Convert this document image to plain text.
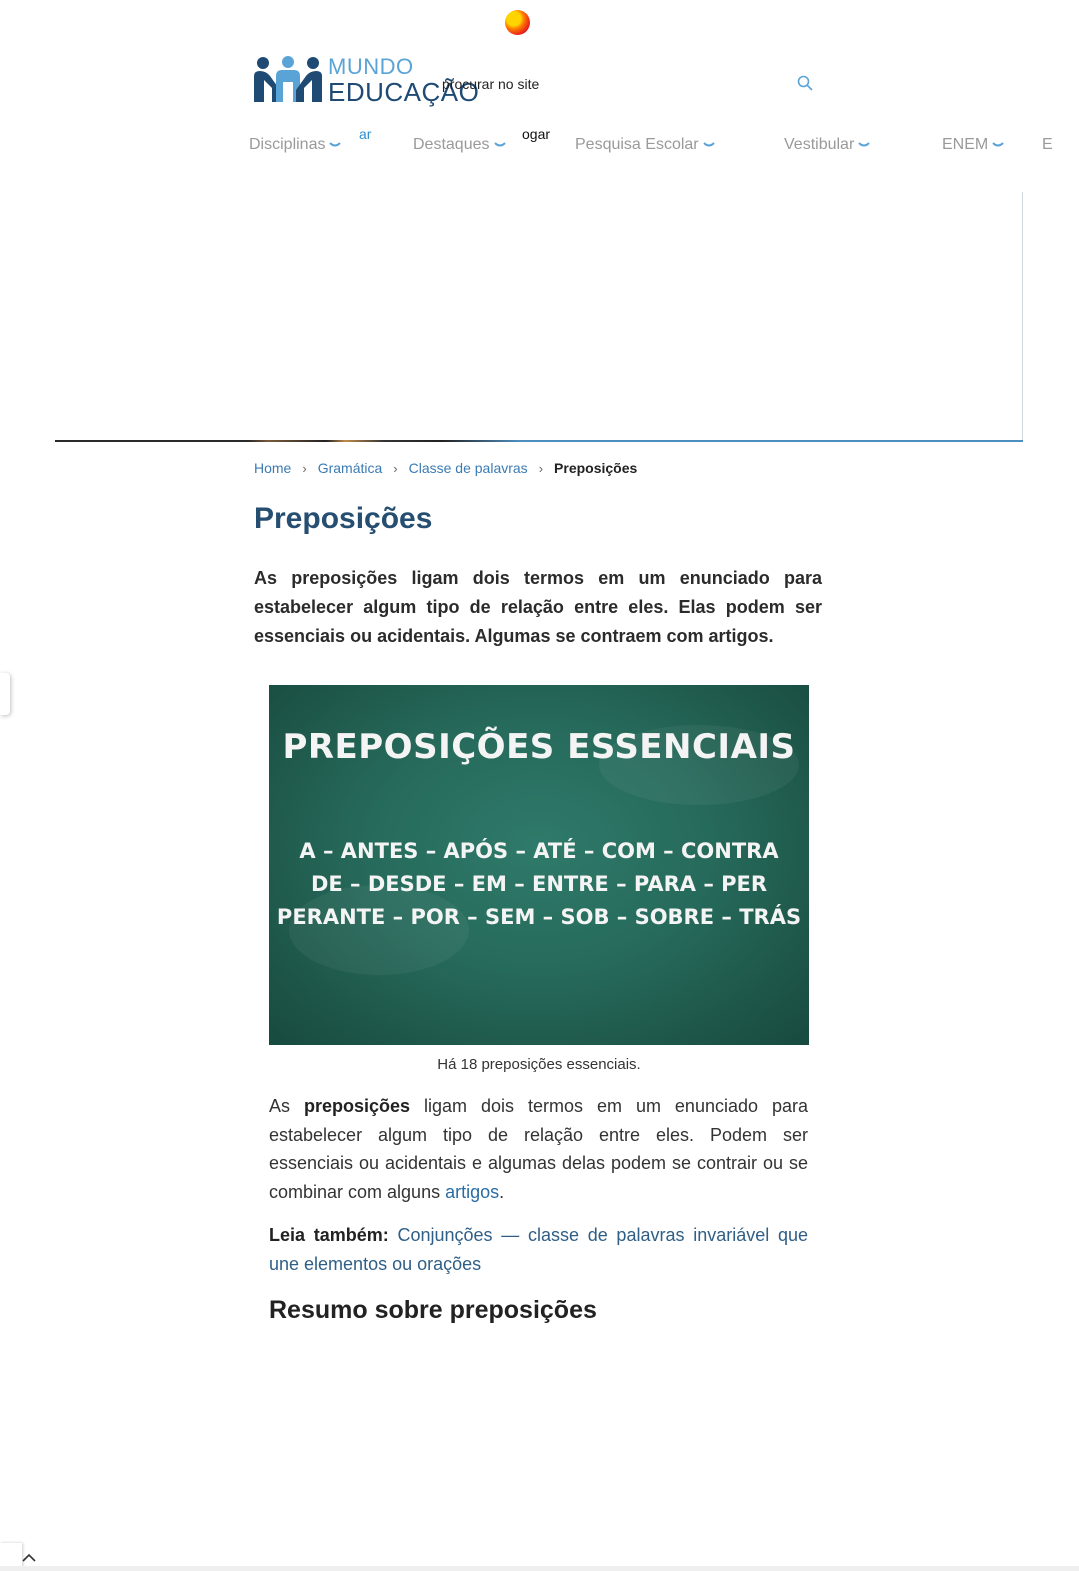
MUNDO
EDUCAÇÃO
procurar no site
Disciplinas
ar
Destaques
ogar
Pesquisa Escolar	Vestibular	ENEM	E
Home › Gramática › Classe de palavras › Preposições
Preposições

As preposições ligam dois termos em um enunciado para estabelecer algum tipo de relação entre eles. Elas podem ser essenciais ou acidentais. Algumas se contraem com artigos.

PREPOSIÇÕES ESSENCIAIS
A – ANTES – APÓS – ATÉ – COM – CONTRA
DE – DESDE – EM – ENTRE – PARA – PER
PERANTE – POR – SEM – SOB – SOBRE – TRÁS
Há 18 preposições essenciais.

As preposições ligam dois termos em um enunciado para estabelecer algum tipo de relação entre eles. Podem ser essenciais ou acidentais e algumas delas podem se contrair ou se combinar com alguns artigos.

Leia também: Conjunções — classe de palavras invariável que une elementos ou orações

Resumo sobre preposições
